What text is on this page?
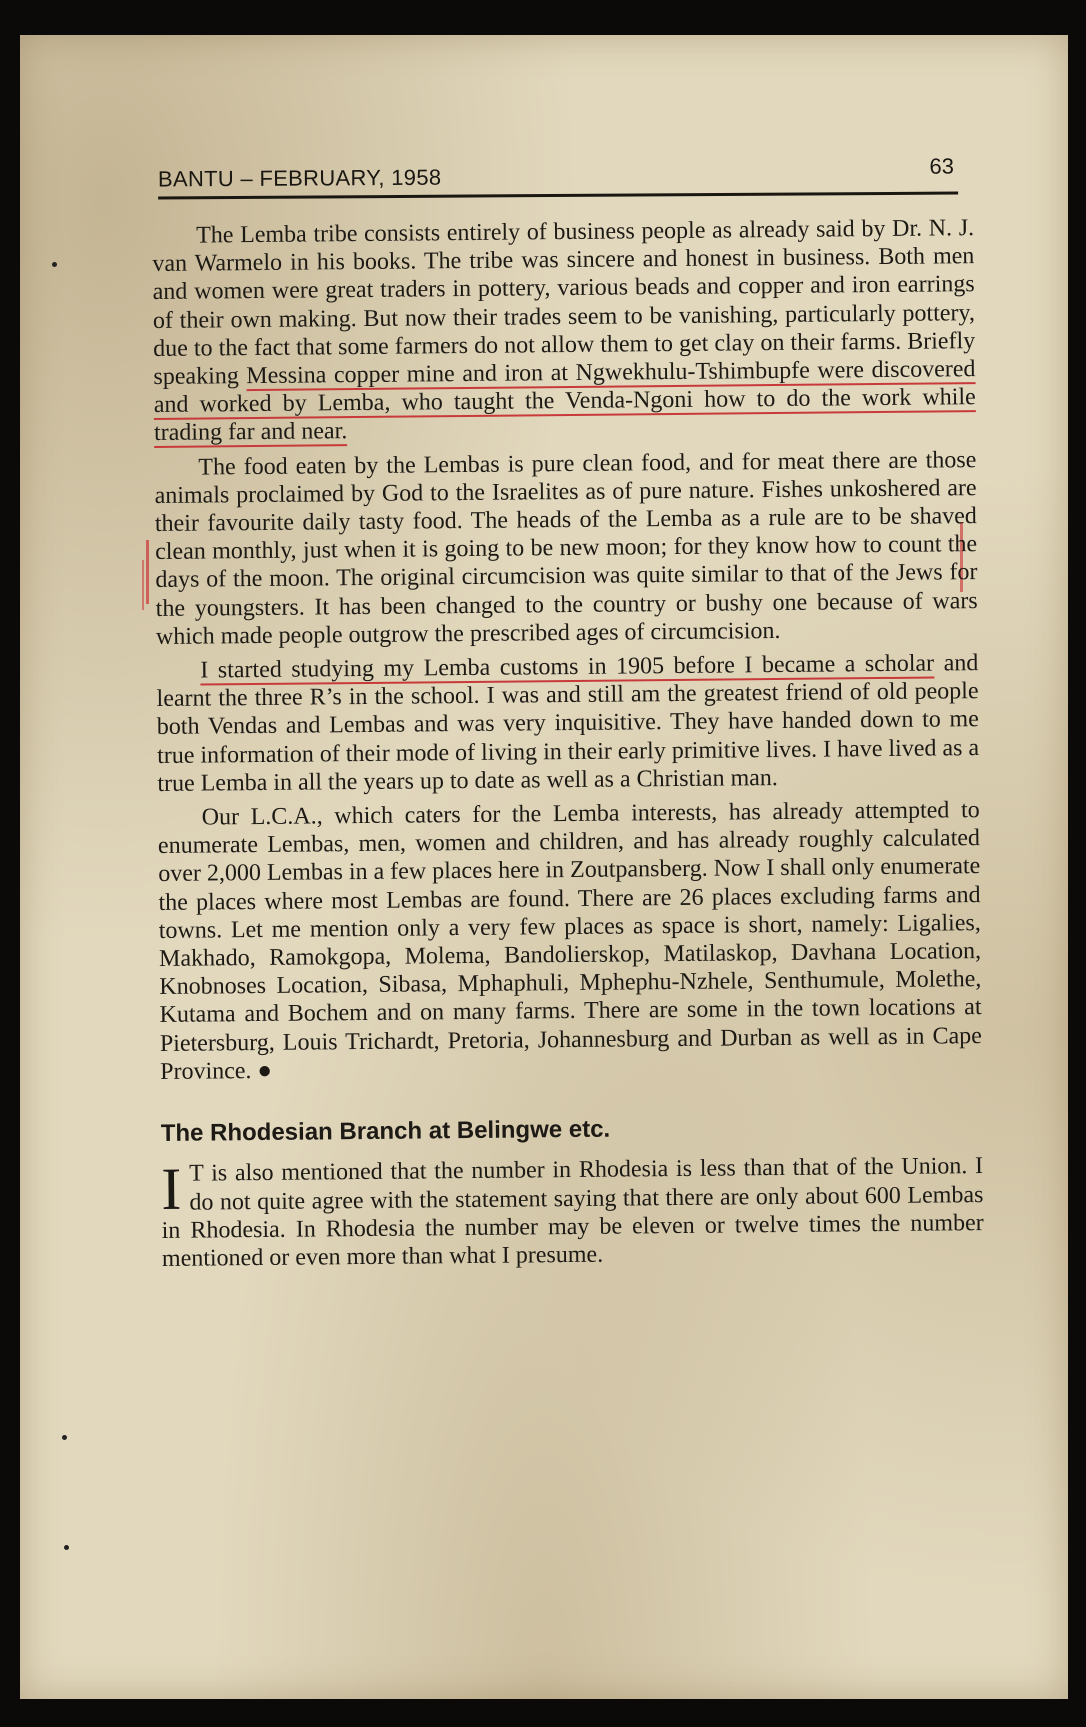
BANTU – FEBRUARY, 1958	63

The Lemba tribe consists entirely of business people as already said by Dr. N. J. van Warmelo in his books. The tribe was sincere and honest in business. Both men and women were great traders in pottery, various beads and copper and iron earrings of their own making. But now their trades seem to be vanishing, particularly pottery, due to the fact that some farmers do not allow them to get clay on their farms. Briefly speaking Messina copper mine and iron at Ngwekhulu-Tshimbupfe were discovered and worked by Lemba, who taught the Venda-Ngoni how to do the work while trading far and near.

The food eaten by the Lembas is pure clean food, and for meat there are those animals proclaimed by God to the Israelites as of pure nature. Fishes unkoshered are their favourite daily tasty food. The heads of the Lemba as a rule are to be shaved clean monthly, just when it is going to be new moon; for they know how to count the days of the moon. The original circumcision was quite similar to that of the Jews for the youngsters. It has been changed to the country or bushy one because of wars which made people outgrow the prescribed ages of circumcision.

I started studying my Lemba customs in 1905 before I became a scholar and learnt the three R’s in the school. I was and still am the greatest friend of old people both Vendas and Lembas and was very inquisitive. They have handed down to me true information of their mode of living in their early primitive lives. I have lived as a true Lemba in all the years up to date as well as a Christian man.

Our L.C.A., which caters for the Lemba interests, has already attempted to enumerate Lembas, men, women and children, and has already roughly calculated over 2,000 Lembas in a few places here in Zoutpansberg. Now I shall only enumerate the places where most Lembas are found. There are 26 places excluding farms and towns. Let me mention only a very few places as space is short, namely: Ligalies, Makhado, Ramokgopa, Molema, Bandolierskop, Matilaskop, Davhana Location, Knobnoses Location, Sibasa, Mphaphuli, Mphephu-Nzhele, Senthumule, Molethe, Kutama and Bochem and on many farms. There are some in the town locations at Pietersburg, Louis Trichardt, Pretoria, Johannesburg and Durban as well as in Cape Province. ●

The Rhodesian Branch at Belingwe etc.

I T is also mentioned that the number in Rhodesia is less than that of the Union. I do not quite agree with the statement saying that there are only about 600 Lembas in Rhodesia. In Rhodesia the number may be eleven or twelve times the number mentioned or even more than what I presume.
